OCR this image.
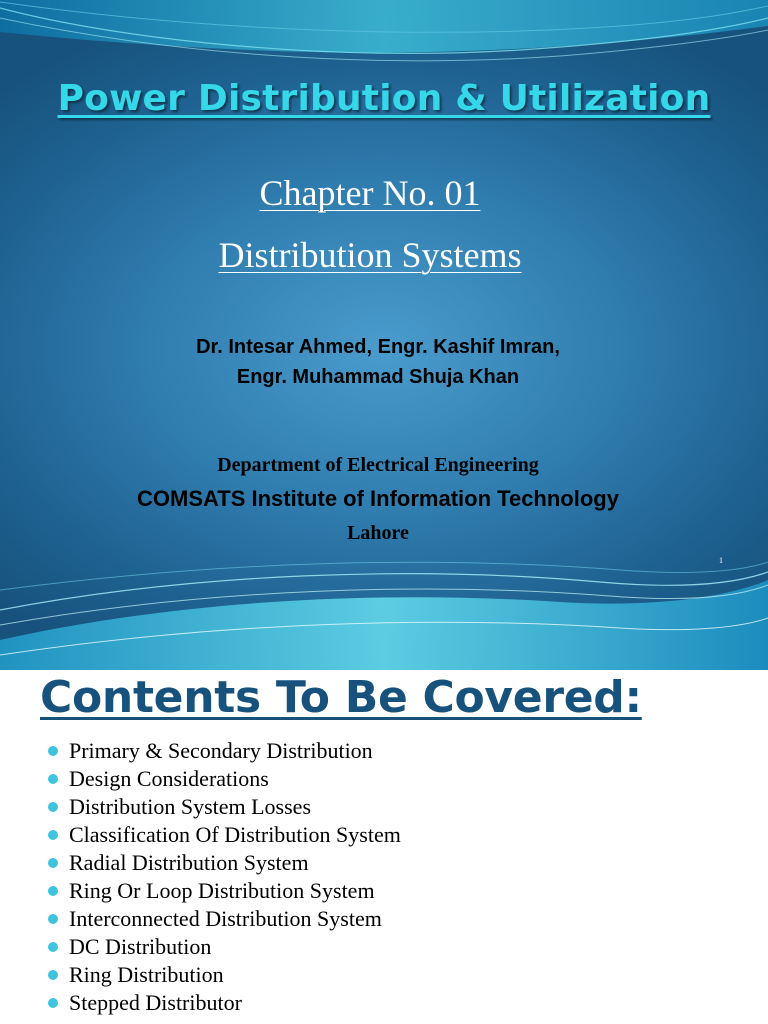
Power Distribution & Utilization
Chapter No. 01
Distribution Systems
Dr. Intesar Ahmed, Engr. Kashif Imran,
Engr. Muhammad Shuja Khan
Department of Electrical Engineering
COMSATS Institute of Information Technology
Lahore
1
Contents To Be Covered:
Primary & Secondary Distribution
Design Considerations
Distribution System Losses
Classification Of Distribution System
Radial Distribution System
Ring Or Loop Distribution System
Interconnected Distribution System
DC Distribution
Ring Distribution
Stepped Distributor
